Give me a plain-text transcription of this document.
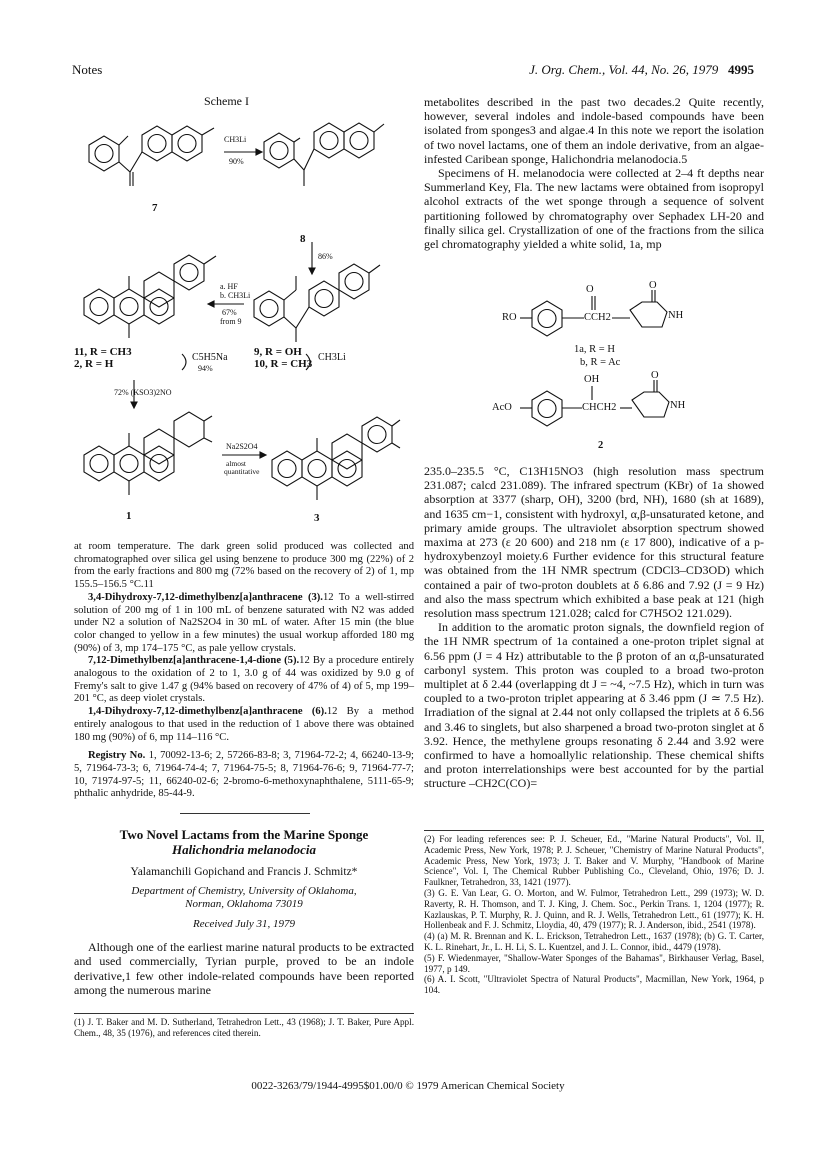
Notes	J. Org. Chem., Vol. 44, No. 26, 1979 4995
Scheme I
7
8
CH3Li
90%
86%
a. HF
b. CH3Li
67%
from 9
11, R = CH3
2, R = H
C5H5Na
94%
9, R = OH
10, R = CH3
CH3Li
72% (KSO3)2NO
Na2S2O4
almost
quantitative
1	3

at room temperature. The dark green solid produced was collected and chromatographed over silica gel using benzene to produce 300 mg (22%) of 2 from the early fractions and 800 mg (72% based on the recovery of 2) of 1, mp 155.5–156.5 °C.11

3,4-Dihydroxy-7,12-dimethylbenz[a]anthracene (3).12 To a well-stirred solution of 200 mg of 1 in 100 mL of benzene saturated with N2 was added under N2 a solution of Na2S2O4 in 30 mL of water. After 15 min (the blue color changed to yellow in a few minutes) the usual workup afforded 180 mg (90%) of 3, mp 174–175 °C, as pale yellow crystals.

7,12-Dimethylbenz[a]anthracene-1,4-dione (5).12 By a procedure entirely analogous to the oxidation of 2 to 1, 3.0 g of 44 was oxidized by 9.0 g of Fremy's salt to give 1.47 g (94% based on recovery of 47% of 4) of 5, mp 199–201 °C, as deep violet crystals.

1,4-Dihydroxy-7,12-dimethylbenz[a]anthracene (6).12 By a method entirely analogous to that used in the reduction of 1 above there was obtained 180 mg (90%) of 6, mp 114–116 °C.

Registry No. 1, 70092-13-6; 2, 57266-83-8; 3, 71964-72-2; 4, 66240-13-9; 5, 71964-73-3; 6, 71964-74-4; 7, 71964-75-5; 8, 71964-76-6; 9, 71964-77-7; 10, 71974-97-5; 11, 66240-02-6; 2-bromo-6-methoxynaphthalene, 5111-65-9; phthalic anhydride, 85-44-9.

Two Novel Lactams from the Marine Sponge
Halichondria melanodocia
Yalamanchili Gopichand and Francis J. Schmitz*
Department of Chemistry, University of Oklahoma,
Norman, Oklahoma 73019
Received July 31, 1979

Although one of the earliest marine natural products to be extracted and used commercially, Tyrian purple, proved to be an indole derivative,1 few other indole-related compounds have been reported among the numerous marine

(1) J. T. Baker and M. D. Sutherland, Tetrahedron Lett., 43 (1968); J. T. Baker, Pure Appl. Chem., 48, 35 (1976), and references cited therein.

metabolites described in the past two decades.2 Quite recently, however, several indoles and indole-based compounds have been isolated from sponges3 and algae.4 In this note we report the isolation of two novel lactams, one of them an indole derivative, from an algae-infested Caribean sponge, Halichondria melanodocia.5

Specimens of H. melanodocia were collected at 2–4 ft depths near Summerland Key, Fla. The new lactams were obtained from isopropyl alcohol extracts of the wet sponge through a sequence of solvent partitioning followed by chromatography over Sephadex LH-20 and finally silica gel. Crystallization of one of the fractions from the silica gel chromatography yielded a white solid, 1a, mp

RO
O	O
CCH2	NH
1a, R = H
b, R = Ac
AcO
OH	O
CHCH2	NH
2

235.0–235.5 °C, C13H15NO3 (high resolution mass spectrum 231.087; calcd 231.089). The infrared spectrum (KBr) of 1a showed absorption at 3377 (sharp, OH), 3200 (brd, NH), 1680 (sh at 1689), and 1635 cm−1, consistent with hydroxyl, α,β-unsaturated ketone, and primary amide groups. The ultraviolet absorption spectrum showed maxima at 273 (ε 20 600) and 218 nm (ε 17 800), indicative of a p-hydroxybenzoyl moiety.6 Further evidence for this structural feature was obtained from the 1H NMR spectrum (CDCl3–CD3OD) which contained a pair of two-proton doublets at δ 6.86 and 7.92 (J = 9 Hz) and also the mass spectrum which exhibited a base peak at 121 (high resolution mass spectrum 121.028; calcd for C7H5O2 121.029).

In addition to the aromatic proton signals, the downfield region of the 1H NMR spectrum of 1a contained a one-proton triplet signal at 6.56 ppm (J = 4 Hz) attributable to the β proton of an α,β-unsaturated carbonyl system. This proton was coupled to a broad two-proton multiplet at δ 2.44 (overlapping dt J = ~4, ~7.5 Hz), which in turn was coupled to a two-proton triplet appearing at δ 3.46 ppm (J ≃ 7.5 Hz). Irradiation of the signal at 2.44 not only collapsed the triplets at δ 6.56 and 3.46 to singlets, but also sharpened a broad two-proton singlet at δ 3.92. Hence, the methylene groups resonating δ 2.44 and 3.92 were confirmed to have a homoallylic relationship. These chemical shifts and proton interrelationships were best accounted for by the partial structure –CH2C(CO)=

(2) For leading references see: P. J. Scheuer, Ed., "Marine Natural Products", Vol. II, Academic Press, New York, 1978; P. J. Scheuer, "Chemistry of Marine Natural Products", Academic Press, New York, 1973; J. T. Baker and V. Murphy, "Handbook of Marine Science", Vol. I, The Chemical Rubber Publishing Co., Cleveland, Ohio, 1976; D. J. Faulkner, Tetrahedron, 33, 1421 (1977).
(3) G. E. Van Lear, G. O. Morton, and W. Fulmor, Tetrahedron Lett., 299 (1973); W. D. Raverty, R. H. Thomson, and T. J. King, J. Chem. Soc., Perkin Trans. 1, 1204 (1977); R. Kazlauskas, P. T. Murphy, R. J. Quinn, and R. J. Wells, Tetrahedron Lett., 61 (1977); K. H. Hollenbeak and F. J. Schmitz, Lloydia, 40, 479 (1977); R. J. Anderson, ibid., 2541 (1978).
(4) (a) M. R. Brennan and K. L. Erickson, Tetrahedron Lett., 1637 (1978); (b) G. T. Carter, K. L. Rinehart, Jr., L. H. Li, S. L. Kuentzel, and J. L. Connor, ibid., 4479 (1978).
(5) F. Wiedenmayer, "Shallow-Water Sponges of the Bahamas", Birkhauser Verlag, Basel, 1977, p 149.
(6) A. I. Scott, "Ultraviolet Spectra of Natural Products", Macmillan, New York, 1964, p 104.
0022-3263/79/1944-4995$01.00/0 © 1979 American Chemical Society
